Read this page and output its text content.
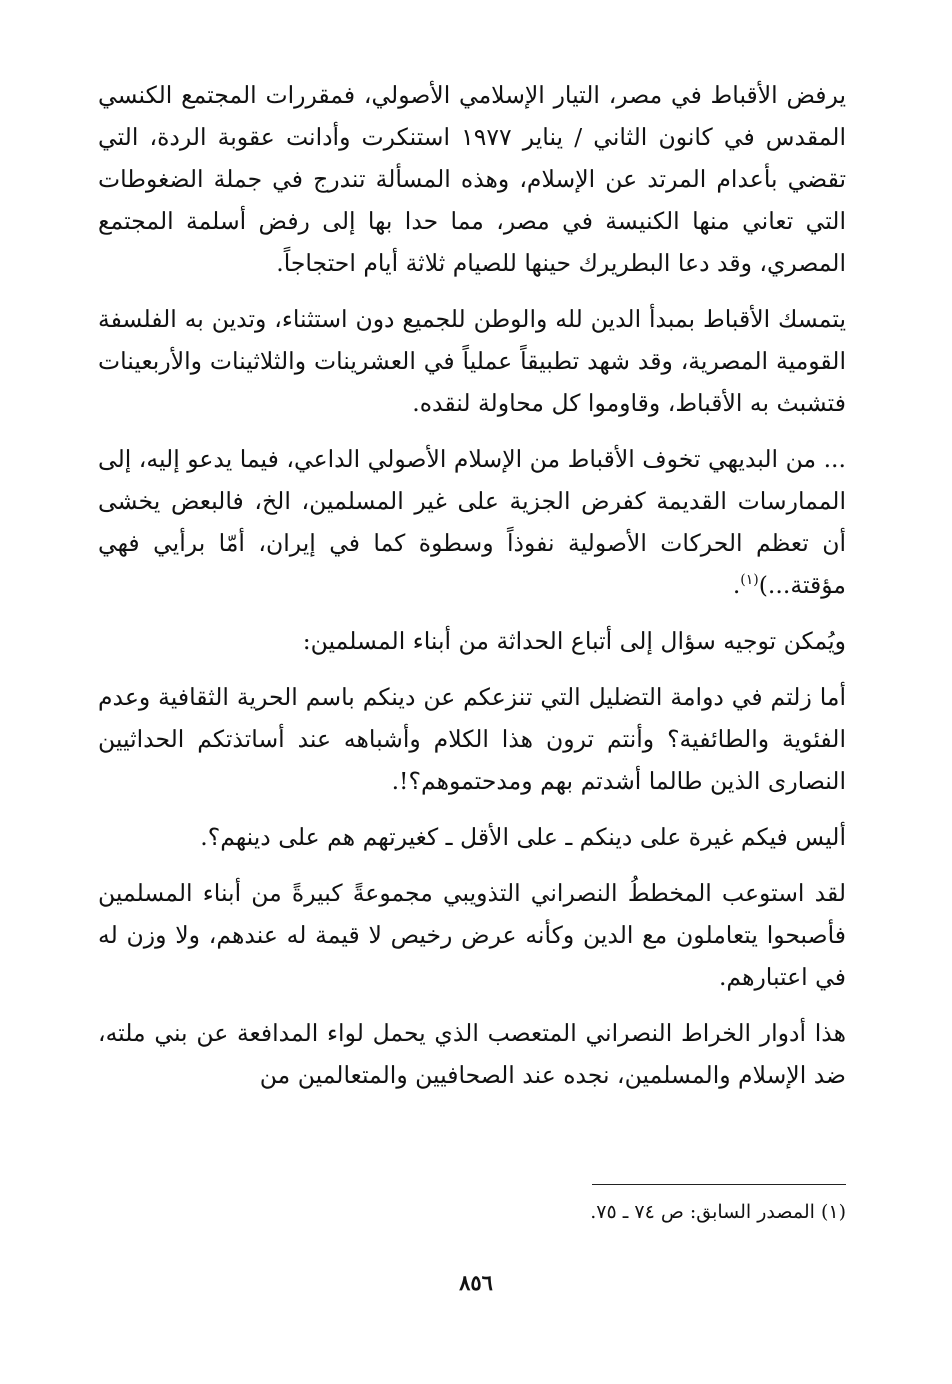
يرفض الأقباط في مصر، التيار الإسلامي الأصولي، فمقررات المجتمع الكنسي المقدس في كانون الثاني / يناير ١٩٧٧ استنكرت وأدانت عقوبة الردة، التي تقضي بأعدام المرتد عن الإسلام، وهذه المسألة تندرج في جملة الضغوطات التي تعاني منها الكنيسة في مصر، مما حدا بها إلى رفض أسلمة المجتمع المصري، وقد دعا البطريرك حينها للصيام ثلاثة أيام احتجاجاً.

يتمسك الأقباط بمبدأ الدين لله والوطن للجميع دون استثناء، وتدين به الفلسفة القومية المصرية، وقد شهد تطبيقاً عملياً في العشرينات والثلاثينات والأربعينات فتشبث به الأقباط، وقاوموا كل محاولة لنقده.

... من البديهي تخوف الأقباط من الإسلام الأصولي الداعي، فيما يدعو إليه، إلى الممارسات القديمة كفرض الجزية على غير المسلمين، الخ، فالبعض يخشى أن تعظم الحركات الأصولية نفوذاً وسطوة كما في إيران، أمّا برأيي فهي مؤقتة...)$^{(١)}$.

ويُمكن توجيه سؤال إلى أتباع الحداثة من أبناء المسلمين:

أما زلتم في دوامة التضليل التي تنزعكم عن دينكم باسم الحرية الثقافية وعدم الفئوية والطائفية؟ وأنتم ترون هذا الكلام وأشباهه عند أساتذتكم الحداثيين النصارى الذين طالما أشدتم بهم ومدحتموهم؟!.

أليس فيكم غيرة على دينكم ـ على الأقل ـ كغيرتهم هم على دينهم؟.

لقد استوعب المخططُ النصراني التذويبي مجموعةً كبيرةً من أبناء المسلمين فأصبحوا يتعاملون مع الدين وكأنه عرض رخيص لا قيمة له عندهم، ولا وزن له في اعتبارهم.

هذا أدوار الخراط النصراني المتعصب الذي يحمل لواء المدافعة عن بني ملته، ضد الإسلام والمسلمين، نجده عند الصحافيين والمتعالمين من

(١) المصدر السابق: ص ٧٤ ـ ٧٥.
٨٥٦
